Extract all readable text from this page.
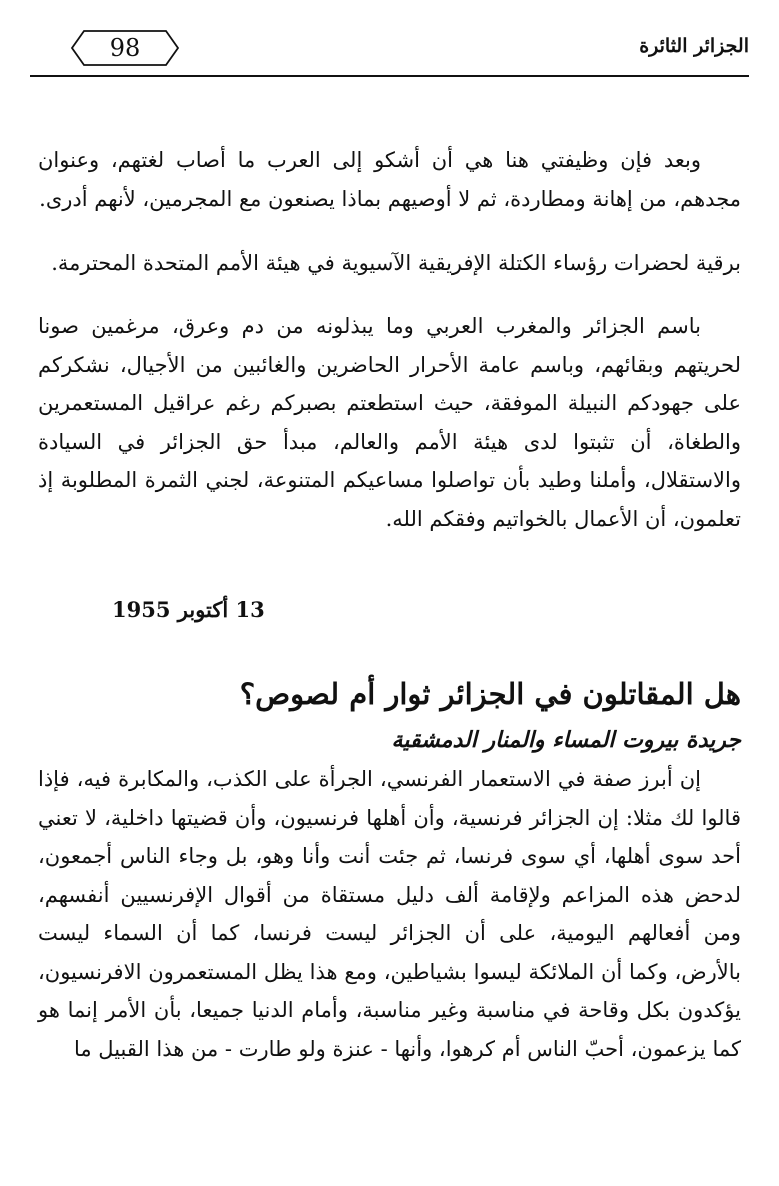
98	الجزائر الثائرة

وبعد فإن وظيفتي هنا هي أن أشكو إلى العرب ما أصاب لغتهم، وعنوان مجدهم، من إهانة ومطاردة، ثم لا أوصيهم بماذا يصنعون مع المجرمين، لأنهم أدرى.

برقية لحضرات رؤساء الكتلة الإفريقية الآسيوية في هيئة الأمم المتحدة المحترمة.

باسم الجزائر والمغرب العربي وما يبذلونه من دم وعرق، مرغمين صونا لحريتهم وبقائهم، وباسم عامة الأحرار الحاضرين والغائبين من الأجيال، نشكركم على جهودكم النبيلة الموفقة، حيث استطعتم بصبركم رغم عراقيل المستعمرين والطغاة، أن تثبتوا لدى هيئة الأمم والعالم، مبدأ حق الجزائر في السيادة والاستقلال، وأملنا وطيد بأن تواصلوا مساعيكم المتنوعة، لجني الثمرة المطلوبة إذ تعلمون، أن الأعمال بالخواتيم وفقكم الله.

13 أكتوبر 1955
هل المقاتلون في الجزائر ثوار أم لصوص؟
جريدة بيروت المساء والمنار الدمشقية

إن أبرز صفة في الاستعمار الفرنسي، الجرأة على الكذب، والمكابرة فيه، فإذا قالوا لك مثلا: إن الجزائر فرنسية، وأن أهلها فرنسيون، وأن قضيتها داخلية، لا تعني أحد سوى أهلها، أي سوى فرنسا، ثم جئت أنت وأنا وهو، بل وجاء الناس أجمعون، لدحض هذه المزاعم ولإقامة ألف دليل مستقاة من أقوال الإفرنسيين أنفسهم، ومن أفعالهم اليومية، على أن الجزائر ليست فرنسا، كما أن السماء ليست بالأرض، وكما أن الملائكة ليسوا بشياطين، ومع هذا يظل المستعمرون الافرنسيون، يؤكدون بكل وقاحة في مناسبة وغير مناسبة، وأمام الدنيا جميعا، بأن الأمر إنما هو كما يزعمون، أحبّ الناس أم كرهوا، وأنها - عنزة ولو طارت - من هذا القبيل ما
